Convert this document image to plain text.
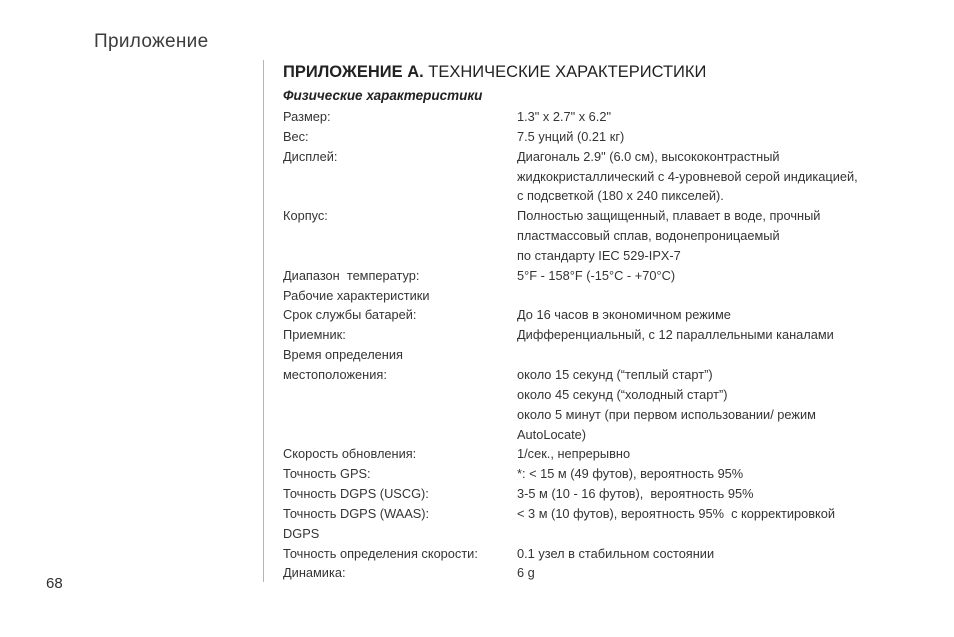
Приложение
ПРИЛОЖЕНИЕ А. ТЕХНИЧЕСКИЕ ХАРАКТЕРИСТИКИ
Физические характеристики
Размер:	1.3" x 2.7" x 6.2"
Вес:	7.5 унций (0.21 кг)
Дисплей:	Диагональ 2.9" (6.0 см), высококонтрастный
жидкокристаллический с 4-уровневой серой индикацией,
с подсветкой (180 x 240 пикселей).
Корпус:	Полностью защищенный, плавает в воде, прочный
пластмассовый сплав, водонепроницаемый
по стандарту IEC 529-IPX-7
Диапазон  температур:	5°F - 158°F (-15°C - +70°C)
Рабочие характеристики
Срок службы батарей:	До 16 часов в экономичном режиме
Приемник:	Дифференциальный, с 12 параллельными каналами
Время определения
местоположения:	около 15 секунд (“теплый старт”)
около 45 секунд (“холодный старт”)
около 5 минут (при первом использовании/ режим
AutoLocate)
Скорость обновления:	1/сек., непрерывно
Точность GPS:	*: < 15 м (49 футов), вероятность 95%
Точность DGPS (USCG):	3-5 м (10 - 16 футов),  вероятность 95%
Точность DGPS (WAAS):	< 3 м (10 футов), вероятность 95%  с корректировкой
DGPS
Точность определения скорости:	0.1 узел в стабильном состоянии
Динамика:	6 g
68
